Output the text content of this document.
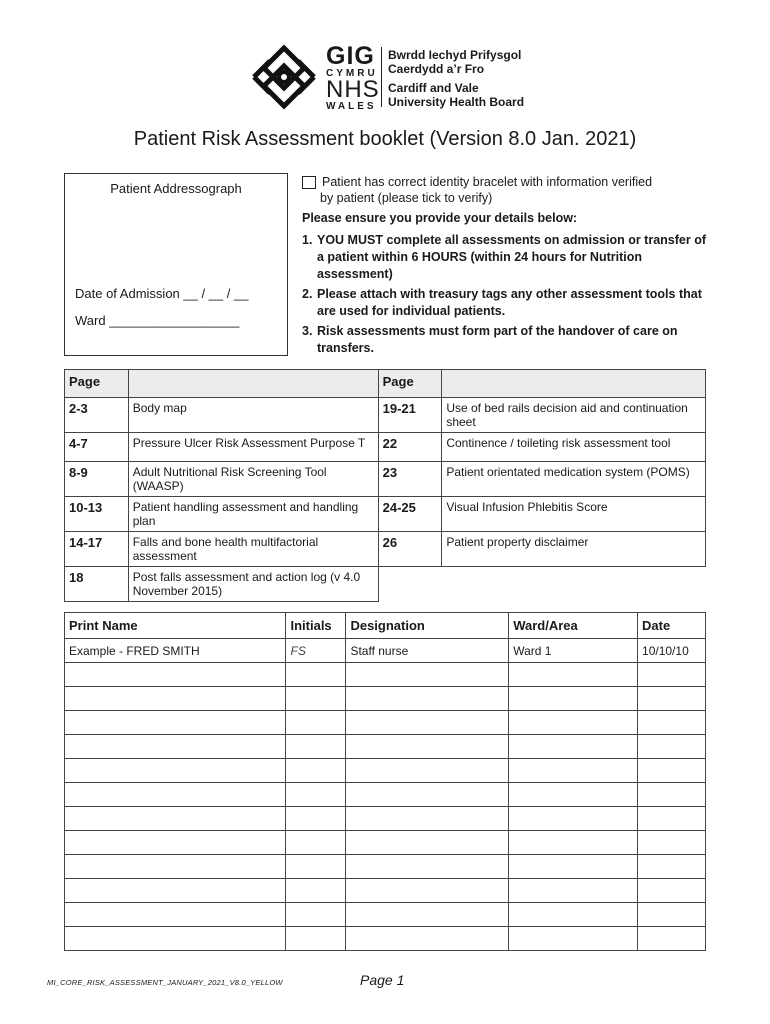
GIG
CYMRU
NHS
WALES
Bwrdd Iechyd Prifysgol
Caerdydd a’r Fro
Cardiff and Vale
University Health Board
Patient Risk Assessment booklet (Version 8.0 Jan. 2021)
Patient Addressograph
Date of Admission __ / __ / __
Ward __________________
Patient has correct identity bracelet with information verified
by patient (please tick to verify)
Please ensure you provide your details below:
1. YOU MUST complete all assessments on admission or transfer of a patient within 6 HOURS (within 24 hours for Nutrition assessment)
2. Please attach with treasury tags any other assessment tools that are used for individual patients.
3. Risk assessments must form part of the handover of care on transfers.
Page		Page	
2-3	Body map	19-21	Use of bed rails decision aid and continuation sheet
4-7	Pressure Ulcer Risk Assessment Purpose T	22	Continence / toileting risk assessment tool
8-9	Adult Nutritional Risk Screening Tool (WAASP)	23	Patient orientated medication system (POMS)
10-13	Patient handling assessment and handling plan	24-25	Visual Infusion Phlebitis Score
14-17	Falls and bone health multifactorial assessment	26	Patient property disclaimer
18	Post falls assessment and action log (v 4.0 November 2015)		
Print Name	Initials	Designation	Ward/Area	Date
Example - FRED SMITH	FS	Staff nurse	Ward 1	10/10/10

MI_CORE_RISK_ASSESSMENT_JANUARY_2021_V8.0_YELLOW	Page 1
